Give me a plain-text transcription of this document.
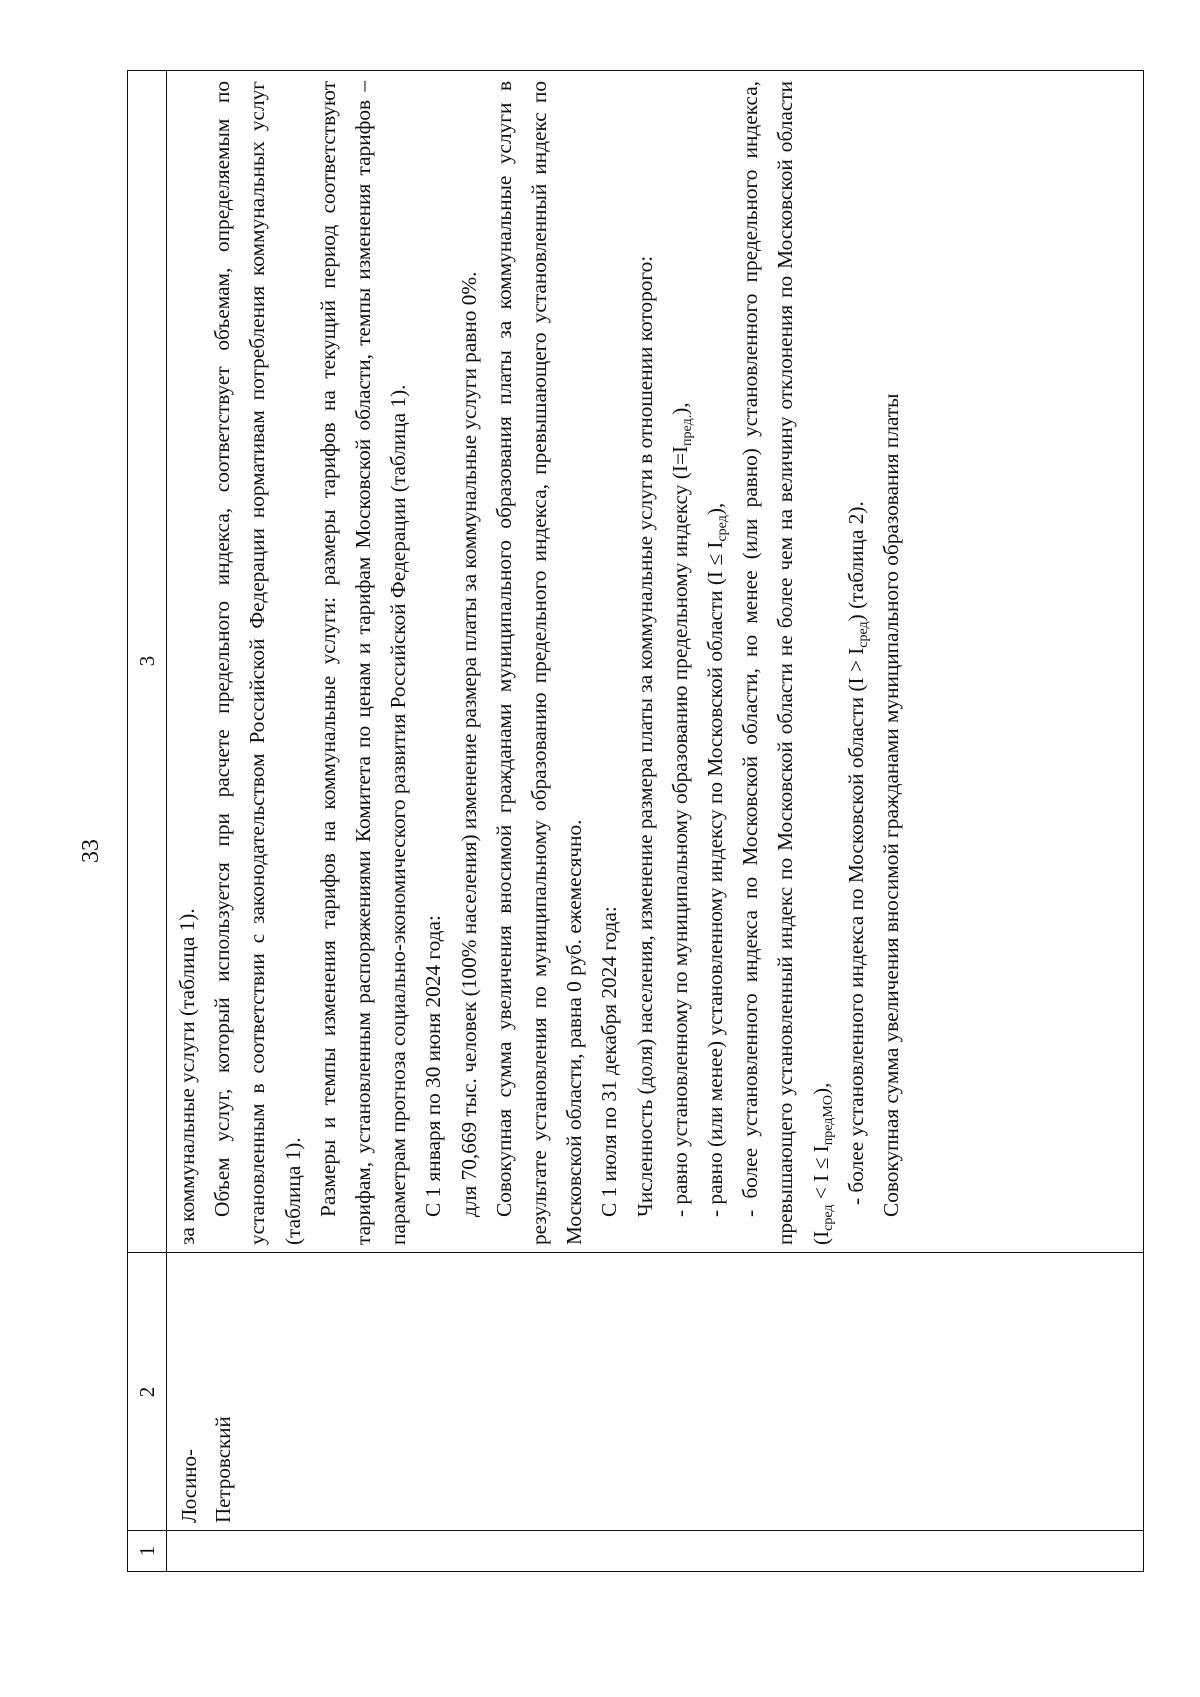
33
1
2
3
Лосино- Петровский

за коммунальные услуги (таблица 1). Объем услуг, который используется при расчете предельного индекса, соответствует объемам, определяемым по установленным в соответствии с законодательством Российской Федерации нормативам потребления коммунальных услуг (таблица 1). Размеры и темпы изменения тарифов на коммунальные услуги: размеры тарифов на текущий период соответствуют тарифам, установленным распоряжениями Комитета по ценам и тарифам Московской области, темпы изменения тарифов – параметрам прогноза социально-экономического развития Российской Федерации (таблица 1). С 1 января по 30 июня 2024 года: для 70,669 тыс. человек (100% населения) изменение размера платы за коммунальные услуги равно 0%. Совокупная сумма увеличения вносимой гражданами муниципального образования платы за коммунальные услуги в результате установления по муниципальному образованию предельного индекса, превышающего установленный индекс по Московской области, равна 0 руб. ежемесячно. С 1 июля по 31 декабря 2024 года: Численность (доля) населения, изменение размера платы за коммунальные услуги в отношении которого: - равно установленному по муниципальному образованию предельному индексу $(I=I_{пред.})$,

- равно (или менее) установленному индексу по Московской области $(I \le I_{сред})$, - более установленного индекса по Московской области, но менее (или равно) установленного предельного индекса, превышающего установленный индекс по Московской области не более чем на величину отклонения по Московской области $(I_{сред} < I \le I_{предМО})$, - более установленного индекса по Московской области $(I > I_{сред})$ (таблица 2). Совокупная сумма увеличения вносимой гражданами муниципального образования платы
